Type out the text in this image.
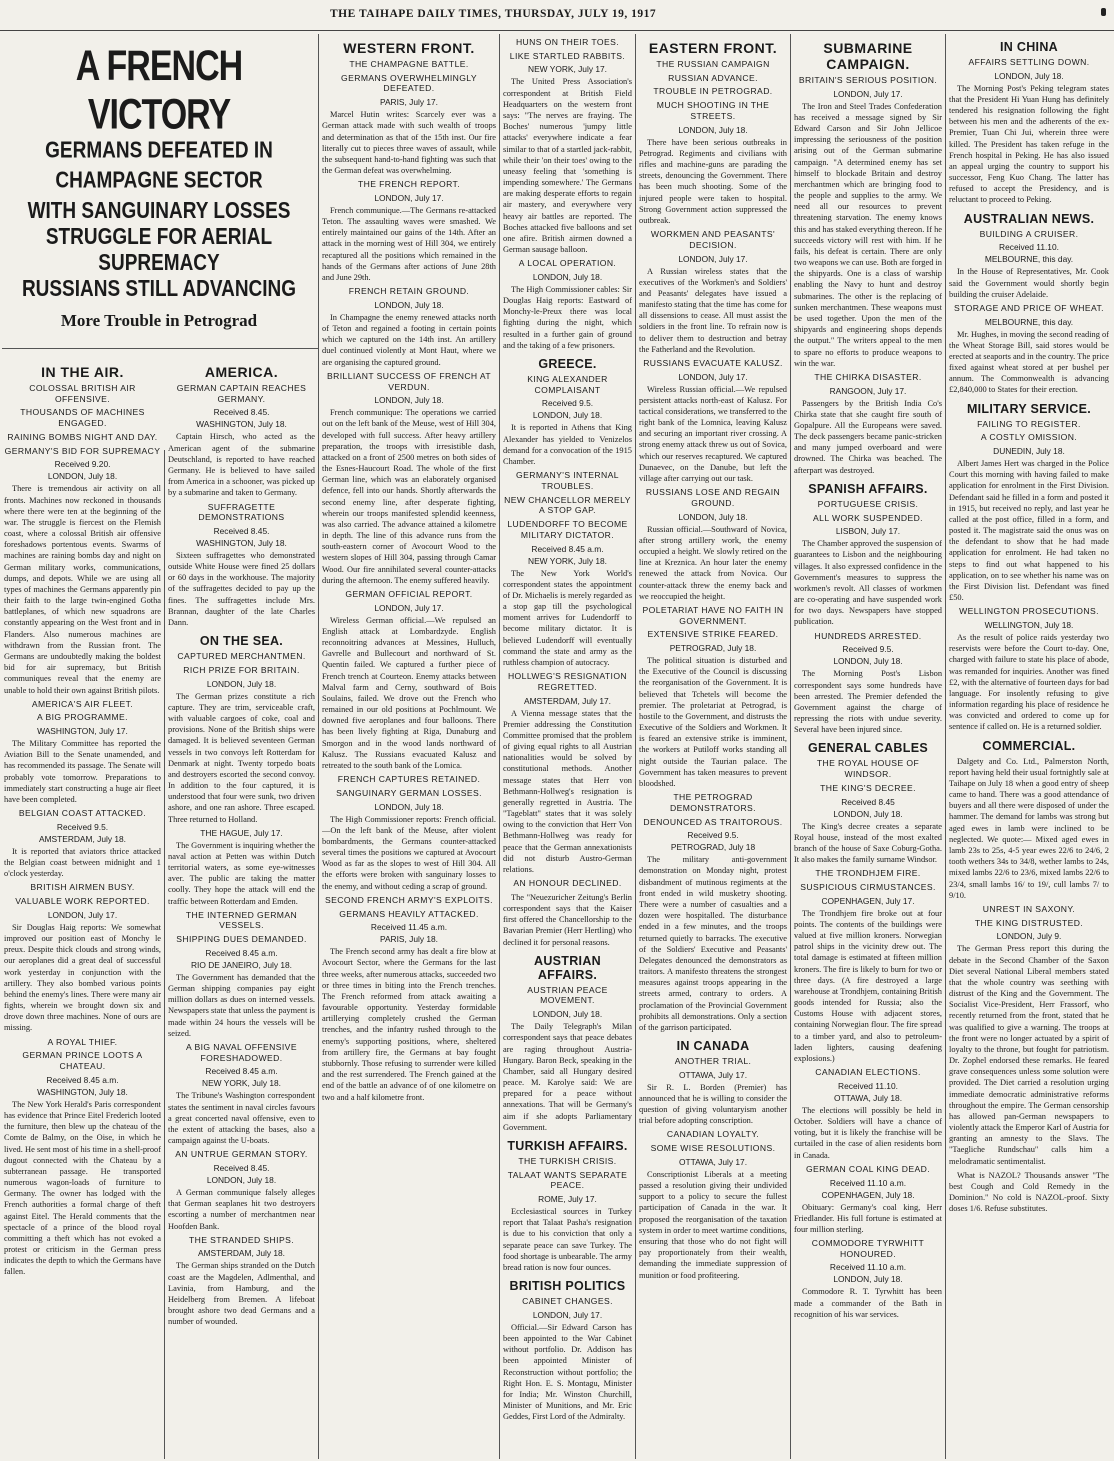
THE TAIHAPE DAILY TIMES, THURSDAY, JULY 19, 1917
A FRENCH VICTORY
GERMANS DEFEATED IN CHAMPAGNE SECTOR
WITH SANGUINARY LOSSES
STRUGGLE FOR AERIAL SUPREMACY
RUSSIANS STILL ADVANCING
More Trouble in Petrograd
IN THE AIR.
COLOSSAL BRITISH AIR OFFENSIVE.
THOUSANDS OF MACHINES ENGAGED.
RAINING BOMBS NIGHT AND DAY.
GERMANY'S BID FOR SUPREMACY
Received 9.20.
LONDON, July 18.

There is tremendous air activity on all fronts. Machines now reckoned in thousands where there were ten at the beginning of the war. The struggle is fiercest on the Flemish coast, where a colossal British air offensive foreshadows portentous events. Swarms of machines are raining bombs day and night on German military works, communications, dumps, and depots. While we are using all types of machines the Germans apparently pin their faith to the large twin-engined Gotha battleplanes, of which new squadrons are constantly appearing on the West front and in Flanders. Also numerous machines are withdrawn from the Russian front. The Germans are undoubtedly making the boldest bid for air supremacy, but British communiques reveal that the enemy are unable to hold their own against British pilots.

AMERICA'S AIR FLEET.
A BIG PROGRAMME.
WASHINGTON, July 17.

The Military Committee has reported the Aviation Bill to the Senate unamended, and has recommended its passage. The Senate will probably vote tomorrow. Preparations to immediately start constructing a huge air fleet have been completed.

BELGIAN COAST ATTACKED.
Received 9.5.
AMSTERDAM, July 18.

It is reported that aviators thrice attacked the Belgian coast between midnight and 1 o'clock yesterday.

BRITISH AIRMEN BUSY.
VALUABLE WORK REPORTED.
LONDON, July 17.

Sir Douglas Haig reports: We somewhat improved our position east of Monchy le preux. Despite thick clouds and strong winds, our aeroplanes did a great deal of successful work yesterday in conjunction with the artillery. They also bombed various points behind the enemy's lines. There were many air fights, wherein we brought down six and drove down three machines. None of ours are missing.

A ROYAL THIEF.
GERMAN PRINCE LOOTS A CHATEAU.
Received 8.45 a.m.
WASHINGTON, July 18.

The New York Herald's Paris correspondent has evidence that Prince Eitel Frederich looted the furniture, then blew up the chateau of the Comte de Balmy, on the Oise, in which he lived. He sent most of his time in a shell-proof dugout connected with the Chateau by a subterranean passage. He transported numerous wagon-loads of furniture to Germany. The owner has lodged with the French authorities a formal charge of theft against Eitel. The Herald comments that the spectacle of a prince of the blood royal committing a theft which has not evoked a protest or criticism in the German press indicates the depth to which the Germans have fallen.

AMERICA.
GERMAN CAPTAIN REACHES GERMANY.
Received 8.45.
WASHINGTON, July 18.

Captain Hirsch, who acted as the American agent of the submarine Deutschland, is reported to have reached Germany. He is believed to have sailed from America in a schooner, was picked up by a submarine and taken to Germany.

SUFFRAGETTE DEMONSTRATIONS
Received 8.45.
WASHINGTON, July 18.

Sixteen suffragettes who demonstrated outside White House were fined 25 dollars or 60 days in the workhouse. The majority of the suffragettes decided to pay up the fines. The suffragettes include Mrs. Brannan, daughter of the late Charles Dann.

ON THE SEA.
CAPTURED MERCHANTMEN.
RICH PRIZE FOR BRITAIN.
LONDON, July 18.

The German prizes constitute a rich capture. They are trim, serviceable craft, with valuable cargoes of coke, coal and provisions. None of the British ships were damaged. It is believed seventeen German vessels in two convoys left Rotterdam for Denmark at night. Twenty torpedo boats and destroyers escorted the second convoy. In addition to the four captured, it is understood that four were sunk, two driven ashore, and one ran ashore. Three escaped. Three returned to Holland.

THE HAGUE, July 17.

The Government is inquiring whether the naval action at Petten was within Dutch territorial waters, as some eye-witnesses aver. The public are taking the matter coolly. They hope the attack will end the traffic between Rotterdam and Emden.

THE INTERNED GERMAN VESSELS.
SHIPPING DUES DEMANDED.
Received 8.45 a.m.
RIO DE JANEIRO, July 18.

The Government has demanded that the German shipping companies pay eight million dollars as dues on interned vessels. Newspapers state that unless the payment is made within 24 hours the vessels will be seized.

A BIG NAVAL OFFENSIVE FORESHADOWED.
Received 8.45 a.m.
NEW YORK, July 18.

The Tribune's Washington correspondent states the sentiment in naval circles favours a great concerted naval offensive, even to the extent of attacking the bases, also a campaign against the U-boats.

AN UNTRUE GERMAN STORY.
Received 8.45.
LONDON, July 18.

A German communique falsely alleges that German seaplanes hit two destroyers escorting a number of merchantmen near Hoofden Bank.

THE STRANDED SHIPS.
AMSTERDAM, July 18.

The German ships stranded on the Dutch coast are the Magdelen, Adlmenthal, and Lavinia, from Hamburg, and the Heidelberg from Bremen. A lifeboat brought ashore two dead Germans and a number of wounded.

WESTERN FRONT.
THE CHAMPAGNE BATTLE.
GERMANS OVERWHELMINGLY DEFEATED.
PARIS, July 17.

Marcel Hutin writes: Scarcely ever was a German attack made with such wealth of troops and determination as that of the 15th inst. Our fire literally cut to pieces three waves of assault, while the subsequent hand-to-hand fighting was such that the German defeat was overwhelming.

THE FRENCH REPORT.
LONDON, July 17.

French communique.—The Germans re-attacked Teton. The assaulting waves were smashed. We entirely maintained our gains of the 14th. After an attack in the morning west of Hill 304, we entirely recaptured all the positions which remained in the hands of the Germans after actions of June 28th and June 29th.

FRENCH RETAIN GROUND.
LONDON, July 18.

In Champagne the enemy renewed attacks north of Teton and regained a footing in certain points which we captured on the 14th inst. An artillery duel continued violently at Mont Haut, where we are organising the captured ground.

BRILLIANT SUCCESS OF FRENCH AT VERDUN.
LONDON, July 18.

French communique: The operations we carried out on the left bank of the Meuse, west of Hill 304, developed with full success. After heavy artillery preparation, the troops with irresistible dash, attacked on a front of 2500 metres on both sides of the Esnes-Haucourt Road. The whole of the first German line, which was an elaborately organised defence, fell into our hands. Shortly afterwards the second enemy line, after desperate fighting, wherein our troops manifested splendid keenness, was also carried. The advance attained a kilometre in depth. The line of this advance runs from the south-eastern corner of Avocourt Wood to the western slopes of Hill 304, passing through Camar Wood. Our fire annihilated several counter-attacks during the afternoon. The enemy suffered heavily.

GERMAN OFFICIAL REPORT.
LONDON, July 17.

Wireless German official.—We repulsed an English attack at Lombardzyde. English reconnoitring advances at Messines, Hulluch, Gavrelle and Bullecourt and northward of St. Quentin failed. We captured a further piece of French trench at Courteon. Enemy attacks between Malval farm and Cerny, southward of Bois Soulains, failed. We drove out the French who remained in our old positions at Pochlmount. We downed five aeroplanes and four balloons. There has been lively fighting at Riga, Dunaburg and Smorgon and in the wood lands northward of Kalusz. The Russians evacuated Kalusz and retreated to the south bank of the Lomica.

FRENCH CAPTURES RETAINED.
SANGUINARY GERMAN LOSSES.
LONDON, July 18.

The High Commissioner reports: French official.—On the left bank of the Meuse, after violent bombardments, the Germans counter-attacked several times the positions we captured at Avocourt Wood as far as the slopes to west of Hill 304. All the efforts were broken with sanguinary losses to the enemy, and without ceding a scrap of ground.

SECOND FRENCH ARMY'S EXPLOITS.
GERMANS HEAVILY ATTACKED.
Received 11.45 a.m.
PARIS, July 18.

The French second army has dealt a fire blow at Avocourt Sector, where the Germans for the last three weeks, after numerous attacks, succeeded two or three times in biting into the French trenches. The French reformed from attack awaiting a favourable opportunity. Yesterday formidable artillerying completely crushed the German trenches, and the infantry rushed through to the enemy's supporting positions, where, sheltered from artillery fire, the Germans at bay fought stubbornly. Those refusing to surrender were killed and the rest surrendered. The French gained at the end of the battle an advance of of one kilometre on two and a half kilometre front.

HUNS ON THEIR TOES.
LIKE STARTLED RABBITS.
NEW YORK, July 17.

The United Press Association's correspondent at British Field Headquarters on the western front says: "The nerves are fraying. The Boches' numerous 'jumpy little attacks' everywhere indicate a fear similar to that of a startled jack-rabbit, while their 'on their toes' owing to the uneasy feeling that 'something is impending somewhere.' The Germans are making desperate efforts to regain air mastery, and everywhere very heavy air battles are reported. The Boches attacked five balloons and set one afire. British airmen downed a German sausage balloon.

A LOCAL OPERATION.
LONDON, July 18.

The High Commissioner cables: Sir Douglas Haig reports: Eastward of Monchy-le-Preux there was local fighting during the night, which resulted in a further gain of ground and the taking of a few prisoners.

GREECE.
KING ALEXANDER COMPLAISANT
Received 9.5.
LONDON, July 18.

It is reported in Athens that King Alexander has yielded to Venizelos demand for a convocation of the 1915 Chamber.

GERMANY'S INTERNAL TROUBLES.
NEW CHANCELLOR MERELY A STOP GAP.
LUDENDORFF TO BECOME MILITARY DICTATOR.
Received 8.45 a.m.
NEW YORK, July 18.

The New York World's correspondent states the appointment of Dr. Michaelis is merely regarded as a stop gap till the psychological moment arrives for Ludendorff to become military dictator. It is believed Ludendorff will eventually command the state and army as the ruthless champion of autocracy.

HOLLWEG'S RESIGNATION REGRETTED.
AMSTERDAM, July 17.

A Vienna message states that the Premier addressing the Constitution Committee promised that the problem of giving equal rights to all Austrian nationalities would be solved by constitutional methods. Another message states that Herr von Bethmann-Hollweg's resignation is generally regretted in Austria. The "Tageblatt" states that it was solely owing to the conviction that Herr Von Bethmann-Hollweg was ready for peace that the German annexationists did not disturb Austro-German relations.

AN HONOUR DECLINED.

The "Neuezuricher Zeitung's Berlin correspondent says that the Kaiser first offered the Chancellorship to the Bavarian Premier (Herr Hertling) who declined it for personal reasons.

AUSTRIAN AFFAIRS.
AUSTRIAN PEACE MOVEMENT.
LONDON, July 18.

The Daily Telegraph's Milan correspondent says that peace debates are raging throughout Austria-Hungary. Baron Beck, speaking in the Chamber, said all Hungary desired peace. M. Karolye said: We are prepared for a peace without annexations. That will be Germany's aim if she adopts Parliamentary Government.

TURKISH AFFAIRS.
THE TURKISH CRISIS.
TALAAT WANTS SEPARATE PEACE.
ROME, July 17.

Ecclesiastical sources in Turkey report that Talaat Pasha's resignation is due to his conviction that only a separate peace can save Turkey. The food shortage is unbearable. The army bread ration is now four ounces.

BRITISH POLITICS
CABINET CHANGES.
LONDON, July 17.

Official.—Sir Edward Carson has been appointed to the War Cabinet without portfolio. Dr. Addison has been appointed Minister of Reconstruction without portfolio; the Right Hon. E. S. Montagu, Minister for India; Mr. Winston Churchill, Minister of Munitions, and Mr. Eric Geddes, First Lord of the Admiralty.

EASTERN FRONT.
THE RUSSIAN CAMPAIGN
RUSSIAN ADVANCE.
TROUBLE IN PETROGRAD.
MUCH SHOOTING IN THE STREETS.
LONDON, July 18.

There have been serious outbreaks in Petrograd. Regiments and civilians with rifles and machine-guns are parading the streets, denouncing the Government. There has been much shooting. Some of the injured people were taken to hospital. Strong Government action suppressed the outbreak.

WORKMEN AND PEASANTS' DECISION.
LONDON, July 17.

A Russian wireless states that the executives of the Workmen's and Soldiers' and Peasants' delegates have issued a manifesto stating that the time has come for all dissensions to cease. All must assist the soldiers in the front line. To refrain now is to deliver them to destruction and betray the Fatherland and the Revolution.

RUSSIANS EVACUATE KALUSZ.
LONDON, July 17.

Wireless Russian official.—We repulsed persistent attacks north-east of Kalusz. For tactical considerations, we transferred to the right bank of the Lomnica, leaving Kalusz and securing an important river crossing. A strong enemy attack threw us out of Sovica, which our reserves recaptured. We captured Dunaevec, on the Danube, but left the village after carrying out our task.

RUSSIANS LOSE AND REGAIN GROUND.
LONDON, July 18.

Russian official.—Southward of Novica, after strong artillery work, the enemy occupied a height. We slowly retired on the line at Kreznica. An hour later the enemy renewed the attack from Novica. Our counter-attack threw the enemy back and we reoccupied the height.

POLETARIAT HAVE NO FAITH IN GOVERNMENT.
EXTENSIVE STRIKE FEARED.
PETROGRAD, July 18.

The political situation is disturbed and the Executive of the Council is discussing the reorganisation of the Government. It is believed that Tchetels will become the premier. The proletariat at Petrograd, is hostile to the Government, and distrusts the Executive of the Soldiers and Workmen. It is feared an extensive strike is imminent, the workers at Putiloff works standing all night outside the Taurian palace. The Government has taken measures to prevent bloodshed.

THE PETROGRAD DEMONSTRATORS.
DENOUNCED AS TRAITOROUS.
Received 9.5.
PETROGRAD, July 18

The military anti-government demonstration on Monday night, protest disbandment of mutinous regiments at the front ended in wild musketry shooting. There were a number of casualties and a dozen were hospitalled. The disturbance ended in a few minutes, and the troops returned quietly to barracks. The executive of the Soldiers' Executive and Peasants' Delegates denounced the demonstrators as traitors. A manifesto threatens the strongest measures against troops appearing in the streets armed, contrary to orders. A proclamation of the Provincial Government prohibits all demonstrations. Only a section of the garrison participated.

IN CANADA
ANOTHER TRIAL.
OTTAWA, July 17.

Sir R. L. Borden (Premier) has announced that he is willing to consider the question of giving voluntaryism another trial before adopting conscription.

CANADIAN LOYALTY.
SOME WISE RESOLUTIONS.
OTTAWA, July 17.

Conscriptionist Liberals at a meeting passed a resolution giving their undivided support to a policy to secure the fullest participation of Canada in the war. It proposed the reorganisation of the taxation system in order to meet wartime conditions, ensuring that those who do not fight will pay proportionately from their wealth, demanding the immediate suppression of munition or food profiteering.

SUBMARINE CAMPAIGN.
BRITAIN'S SERIOUS POSITION.
LONDON, July 17.

The Iron and Steel Trades Confederation has received a message signed by Sir Edward Carson and Sir John Jellicoe impressing the seriousness of the position arising out of the German submarine campaign. "A determined enemy has set himself to blockade Britain and destroy merchantmen which are bringing food to the people and supplies to the army. We need all our resources to prevent threatening starvation. The enemy knows this and has staked everything thereon. If he succeeds victory will rest with him. If he fails, his defeat is certain. There are only two weapons we can use. Both are forged in the shipyards. One is a class of warship enabling the Navy to hunt and destroy submarines. The other is the replacing of sunken merchantmen. These weapons must be used together. Upon the men of the shipyards and engineering shops depends the output." The writers appeal to the men to spare no efforts to produce weapons to win the war.

THE CHIRKA DISASTER.
RANGOON, July 17.

Passengers by the British India Co's Chirka state that she caught fire south of Gopalpure. All the Europeans were saved. The deck passengers became panic-stricken and many jumped overboard and were drowned. The Chirka was beached. The afterpart was destroyed.

SPANISH AFFAIRS.
PORTUGUESE CRISIS.
ALL WORK SUSPENDED.
LISBON, July 17.

The Chamber approved the suspension of guarantees to Lisbon and the neighbouring villages. It also expressed confidence in the Government's measures to suppress the workmen's revolt. All classes of workmen are co-operating and have suspended work for two days. Newspapers have stopped publication.

HUNDREDS ARRESTED.
Received 9.5.
LONDON, July 18.

The Morning Post's Lisbon correspondent says some hundreds have been arrested. The Premier defended the Government against the charge of repressing the riots with undue severity. Several have been injured since.

GENERAL CABLES
THE ROYAL HOUSE OF WINDSOR.
THE KING'S DECREE.
Received 8.45
LONDON, July 18.

The King's decree creates a separate Royal house, instead of the most exalted branch of the house of Saxe Coburg-Gotha. It also makes the family surname Windsor.

THE TRONDHJEM FIRE.
SUSPICIOUS CIRMUSTANCES.
COPENHAGEN, July 17.

The Trondhjem fire broke out at four points. The contents of the buildings were valued at five million kroners. Norwegian patrol ships in the vicinity drew out. The total damage is estimated at fifteen million kroners. The fire is likely to burn for two or three days. (A fire destroyed a large warehouse at Trondhjem, containing British goods intended for Russia; also the Customs House with adjacent stores, containing Norwegian flour. The fire spread to a timber yard, and also to petroleum-laden lighters, causing deafening explosions.)

CANADIAN ELECTIONS.
Received 11.10.
OTTAWA, July 18.

The elections will possibly be held in October. Soldiers will have a chance of voting, but it is likely the franchise will be curtailed in the case of alien residents born in Canada.

GERMAN COAL KING DEAD.
Received 11.10 a.m.
COPENHAGEN, July 18.

Obituary: Germany's coal king, Herr Friedlander. His full fortune is estimated at four million sterling.

COMMODORE TYRWHITT HONOURED.
Received 11.10 a.m.
LONDON, July 18.

Commodore R. T. Tyrwhitt has been made a commander of the Bath in recognition of his war services.

IN CHINA
AFFAIRS SETTLING DOWN.
LONDON, July 18.

The Morning Post's Peking telegram states that the President Hi Yuan Hung has definitely tendered his resignation following the fight between his men and the adherents of the ex-Premier, Tuan Chi Jui, wherein three were killed. The President has taken refuge in the French hospital in Peking. He has also issued an appeal urging the country to support his successor, Feng Kuo Chang. The latter has refused to accept the Presidency, and is reluctant to proceed to Peking.

AUSTRALIAN NEWS.
BUILDING A CRUISER.
Received 11.10.
MELBOURNE, this day.

In the House of Representatives, Mr. Cook said the Government would shortly begin building the cruiser Adelaide.

STORAGE AND PRICE OF WHEAT.
MELBOURNE, this day.

Mr. Hughes, in moving the second reading of the Wheat Storage Bill, said stores would be erected at seaports and in the country. The price fixed against wheat stored at per bushel per annum. The Commonwealth is advancing £2,840,000 to States for their erection.

MILITARY SERVICE.
FAILING TO REGISTER.
A COSTLY OMISSION.
DUNEDIN, July 18.

Albert James Hert was charged in the Police Court this morning with having failed to make application for enrolment in the First Division. Defendant said he filled in a form and posted it in 1915, but received no reply, and last year he called at the post office, filled in a form, and posted it. The magistrate said the onus was on the defendant to show that he had made application for enrolment. He had taken no steps to find out what happened to his application, on to see whether his name was on the First Division list. Defendant was fined £50.

WELLINGTON PROSECUTIONS.
WELLINGTON, July 18.

As the result of police raids yesterday two reservists were before the Court to-day. One, charged with failure to state his place of abode, was remanded for inquiries. Another was fined £2, with the alternative of fourteen days for bad language. For insolently refusing to give information regarding his place of residence he was convicted and ordered to come up for sentence if called on. He is a returned soldier.

COMMERCIAL.

Dalgety and Co. Ltd., Palmerston North, report having held their usual fortnightly sale at Taihape on July 18 when a good entry of sheep came to hand. There was a good attendance of buyers and all there were disposed of under the hammer. The demand for lambs was strong but aged ewes in lamb were inclined to be neglected. We quote:— Mixed aged ewes in lamb 23s to 25s, 4-5 year ewes 22/6 to 24/6, 2 tooth wethers 34s to 34/8, wether lambs to 24s, mixed lambs 22/6 to 23/6, mixed lambs 22/6 to 23/4, small lambs 16/ to 19/, cull lambs 7/ to 9/10.

UNREST IN SAXONY.
THE KING DISTRUSTED.
LONDON, July 9.

The German Press report this during the debate in the Second Chamber of the Saxon Diet several National Liberal members stated that the whole country was seething with distrust of the King and the Government. The Socialist Vice-President, Herr Frassorf, who recently returned from the front, stated that he was qualified to give a warning. The troops at the front were no longer actuated by a spirit of loyalty to the throne, but fought for patriotism. Dr. Zophel endorsed these remarks. He feared grave consequences unless some solution were provided. The Diet carried a resolution urging immediate democratic administrative reforms throughout the empire. The German censorship has allowed pan-German newspapers to violently attack the Emperor Karl of Austria for granting an amnesty to the Slavs. The "Taegliche Rundschau" calls him a melodramatic sentimentalist.

What is NAZOL? Thousands answer "The best Cough and Cold Remedy in the Dominion." No cold is NAZOL-proof. Sixty doses 1/6. Refuse substitutes.
